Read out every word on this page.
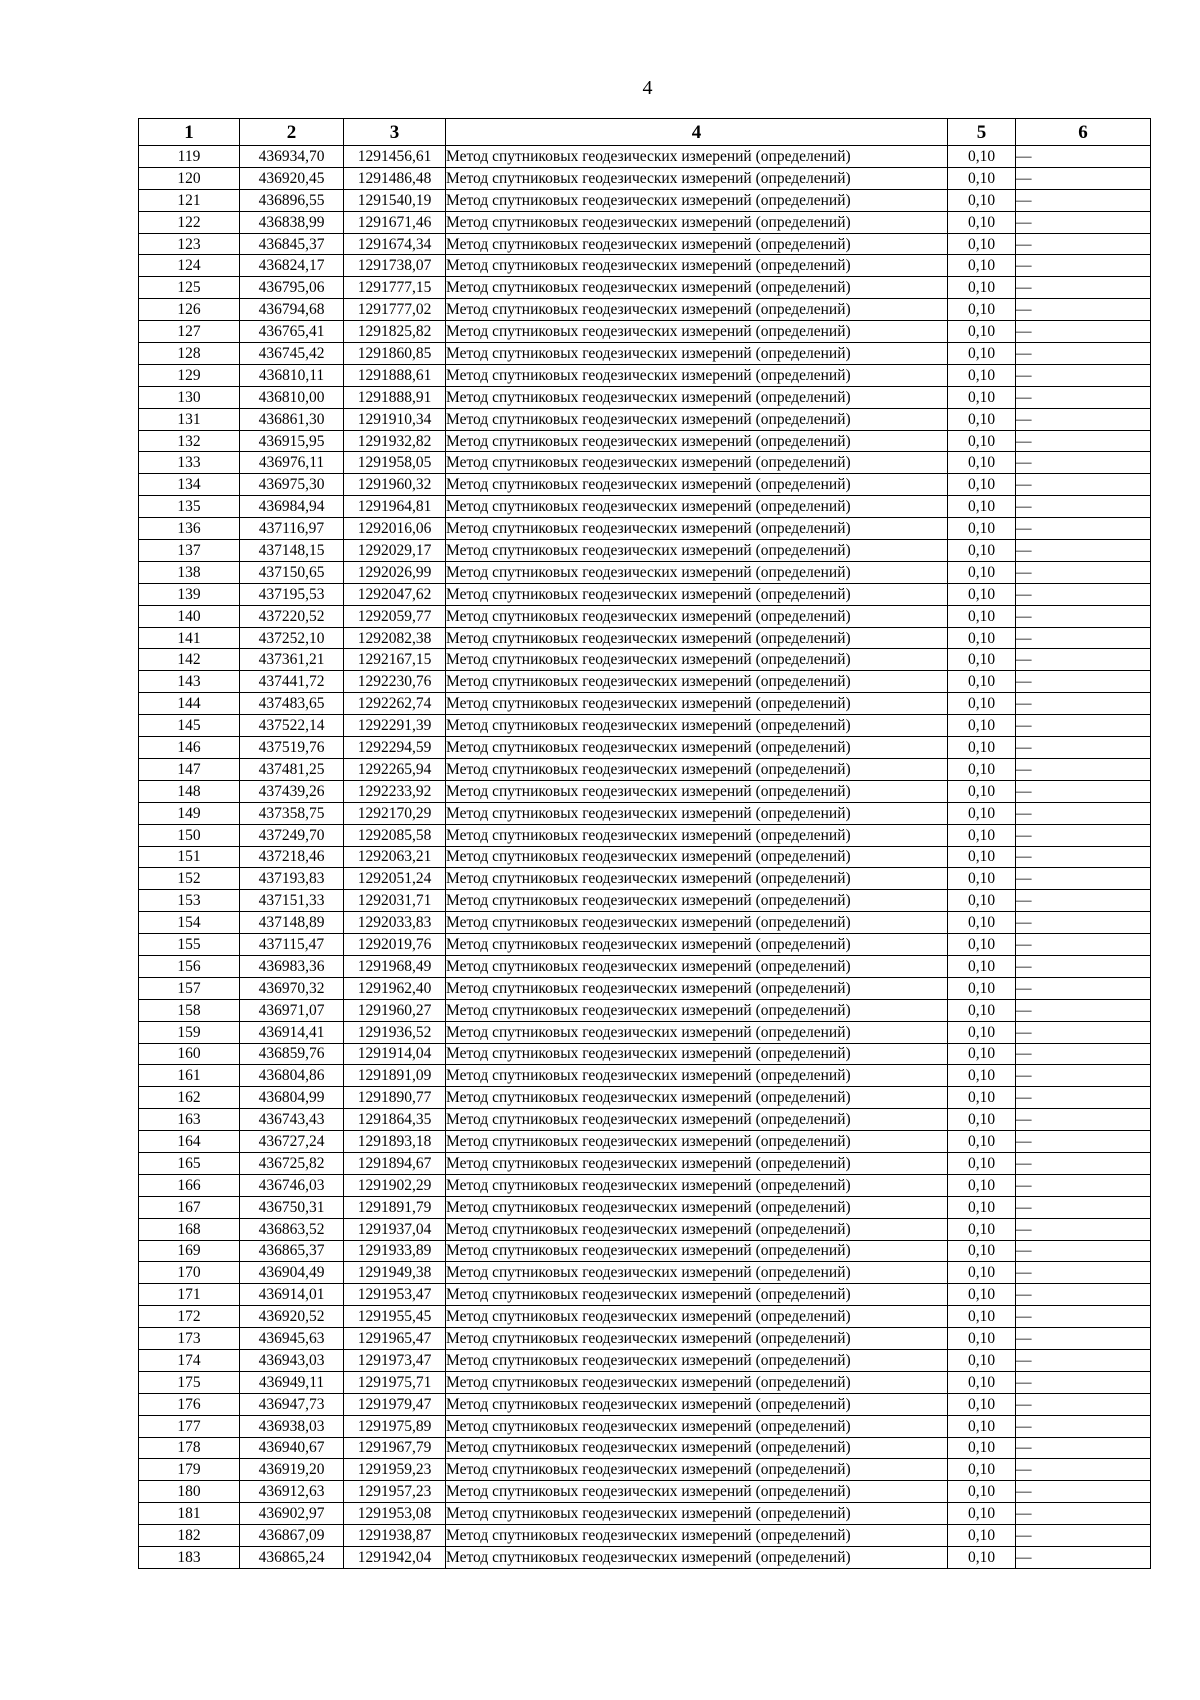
4
1	2	3	4	5	6
119	436934,70	1291456,61	Метод спутниковых геодезических измерений (определений)	0,10	—
120	436920,45	1291486,48	Метод спутниковых геодезических измерений (определений)	0,10	—
121	436896,55	1291540,19	Метод спутниковых геодезических измерений (определений)	0,10	—
122	436838,99	1291671,46	Метод спутниковых геодезических измерений (определений)	0,10	—
123	436845,37	1291674,34	Метод спутниковых геодезических измерений (определений)	0,10	—
124	436824,17	1291738,07	Метод спутниковых геодезических измерений (определений)	0,10	—
125	436795,06	1291777,15	Метод спутниковых геодезических измерений (определений)	0,10	—
126	436794,68	1291777,02	Метод спутниковых геодезических измерений (определений)	0,10	—
127	436765,41	1291825,82	Метод спутниковых геодезических измерений (определений)	0,10	—
128	436745,42	1291860,85	Метод спутниковых геодезических измерений (определений)	0,10	—
129	436810,11	1291888,61	Метод спутниковых геодезических измерений (определений)	0,10	—
130	436810,00	1291888,91	Метод спутниковых геодезических измерений (определений)	0,10	—
131	436861,30	1291910,34	Метод спутниковых геодезических измерений (определений)	0,10	—
132	436915,95	1291932,82	Метод спутниковых геодезических измерений (определений)	0,10	—
133	436976,11	1291958,05	Метод спутниковых геодезических измерений (определений)	0,10	—
134	436975,30	1291960,32	Метод спутниковых геодезических измерений (определений)	0,10	—
135	436984,94	1291964,81	Метод спутниковых геодезических измерений (определений)	0,10	—
136	437116,97	1292016,06	Метод спутниковых геодезических измерений (определений)	0,10	—
137	437148,15	1292029,17	Метод спутниковых геодезических измерений (определений)	0,10	—
138	437150,65	1292026,99	Метод спутниковых геодезических измерений (определений)	0,10	—
139	437195,53	1292047,62	Метод спутниковых геодезических измерений (определений)	0,10	—
140	437220,52	1292059,77	Метод спутниковых геодезических измерений (определений)	0,10	—
141	437252,10	1292082,38	Метод спутниковых геодезических измерений (определений)	0,10	—
142	437361,21	1292167,15	Метод спутниковых геодезических измерений (определений)	0,10	—
143	437441,72	1292230,76	Метод спутниковых геодезических измерений (определений)	0,10	—
144	437483,65	1292262,74	Метод спутниковых геодезических измерений (определений)	0,10	—
145	437522,14	1292291,39	Метод спутниковых геодезических измерений (определений)	0,10	—
146	437519,76	1292294,59	Метод спутниковых геодезических измерений (определений)	0,10	—
147	437481,25	1292265,94	Метод спутниковых геодезических измерений (определений)	0,10	—
148	437439,26	1292233,92	Метод спутниковых геодезических измерений (определений)	0,10	—
149	437358,75	1292170,29	Метод спутниковых геодезических измерений (определений)	0,10	—
150	437249,70	1292085,58	Метод спутниковых геодезических измерений (определений)	0,10	—
151	437218,46	1292063,21	Метод спутниковых геодезических измерений (определений)	0,10	—
152	437193,83	1292051,24	Метод спутниковых геодезических измерений (определений)	0,10	—
153	437151,33	1292031,71	Метод спутниковых геодезических измерений (определений)	0,10	—
154	437148,89	1292033,83	Метод спутниковых геодезических измерений (определений)	0,10	—
155	437115,47	1292019,76	Метод спутниковых геодезических измерений (определений)	0,10	—
156	436983,36	1291968,49	Метод спутниковых геодезических измерений (определений)	0,10	—
157	436970,32	1291962,40	Метод спутниковых геодезических измерений (определений)	0,10	—
158	436971,07	1291960,27	Метод спутниковых геодезических измерений (определений)	0,10	—
159	436914,41	1291936,52	Метод спутниковых геодезических измерений (определений)	0,10	—
160	436859,76	1291914,04	Метод спутниковых геодезических измерений (определений)	0,10	—
161	436804,86	1291891,09	Метод спутниковых геодезических измерений (определений)	0,10	—
162	436804,99	1291890,77	Метод спутниковых геодезических измерений (определений)	0,10	—
163	436743,43	1291864,35	Метод спутниковых геодезических измерений (определений)	0,10	—
164	436727,24	1291893,18	Метод спутниковых геодезических измерений (определений)	0,10	—
165	436725,82	1291894,67	Метод спутниковых геодезических измерений (определений)	0,10	—
166	436746,03	1291902,29	Метод спутниковых геодезических измерений (определений)	0,10	—
167	436750,31	1291891,79	Метод спутниковых геодезических измерений (определений)	0,10	—
168	436863,52	1291937,04	Метод спутниковых геодезических измерений (определений)	0,10	—
169	436865,37	1291933,89	Метод спутниковых геодезических измерений (определений)	0,10	—
170	436904,49	1291949,38	Метод спутниковых геодезических измерений (определений)	0,10	—
171	436914,01	1291953,47	Метод спутниковых геодезических измерений (определений)	0,10	—
172	436920,52	1291955,45	Метод спутниковых геодезических измерений (определений)	0,10	—
173	436945,63	1291965,47	Метод спутниковых геодезических измерений (определений)	0,10	—
174	436943,03	1291973,47	Метод спутниковых геодезических измерений (определений)	0,10	—
175	436949,11	1291975,71	Метод спутниковых геодезических измерений (определений)	0,10	—
176	436947,73	1291979,47	Метод спутниковых геодезических измерений (определений)	0,10	—
177	436938,03	1291975,89	Метод спутниковых геодезических измерений (определений)	0,10	—
178	436940,67	1291967,79	Метод спутниковых геодезических измерений (определений)	0,10	—
179	436919,20	1291959,23	Метод спутниковых геодезических измерений (определений)	0,10	—
180	436912,63	1291957,23	Метод спутниковых геодезических измерений (определений)	0,10	—
181	436902,97	1291953,08	Метод спутниковых геодезических измерений (определений)	0,10	—
182	436867,09	1291938,87	Метод спутниковых геодезических измерений (определений)	0,10	—
183	436865,24	1291942,04	Метод спутниковых геодезических измерений (определений)	0,10	—
